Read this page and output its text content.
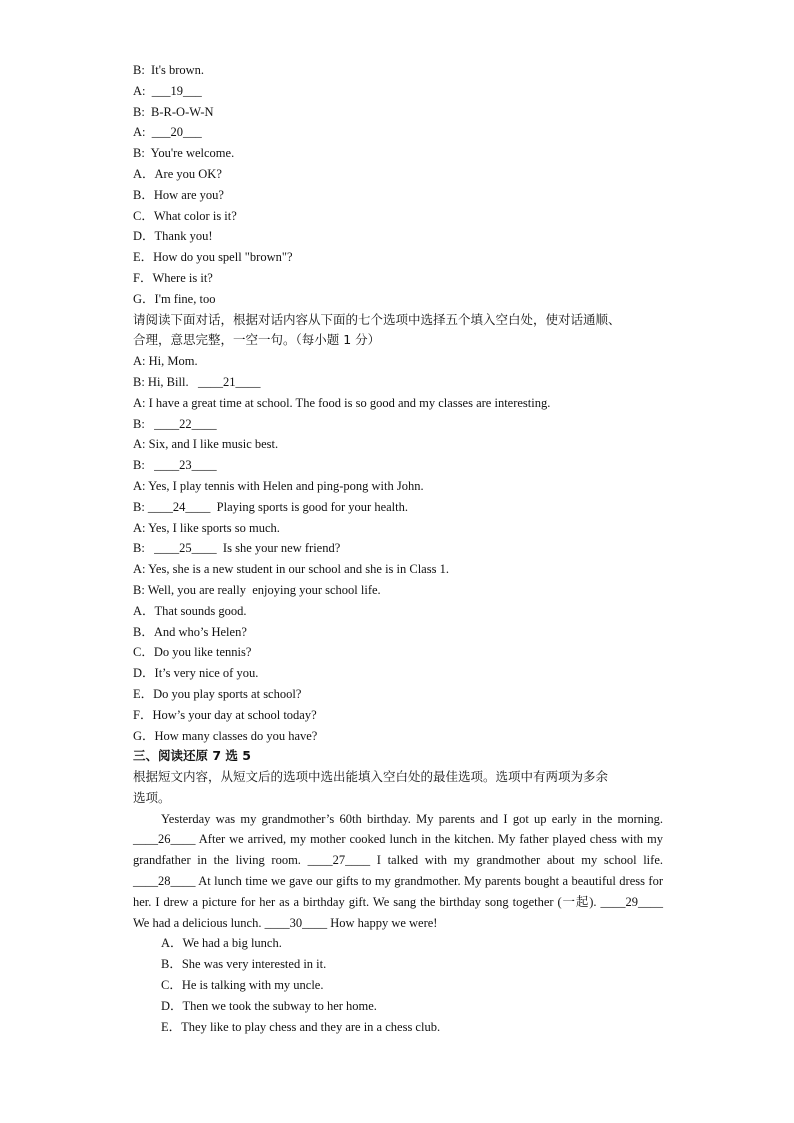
B:  It's brown.
A:  ___19___
B:  B-R-O-W-N
A:  ___20___
B:  You're welcome.
A．Are you OK?
B．How are you?
C．What color is it?
D．Thank you!
E．How do you spell "brown"?
F．Where is it?
G．I'm fine, too
请阅读下面对话，根据对话内容从下面的七个选项中选择五个填入空白处，使对话通顺、
合理，意思完整，一空一句。（每小题 1 分）
A: Hi, Mom.
B: Hi, Bill.   ____21____
A: I have a great time at school. The food is so good and my classes are interesting.
B:   ____22____
A: Six, and I like music best.
B:   ____23____
A: Yes, I play tennis with Helen and ping-pong with John.
B: ____24____  Playing sports is good for your health.
A: Yes, I like sports so much.
B:   ____25____  Is she your new friend?
A: Yes, she is a new student in our school and she is in Class 1.
B: Well, you are really  enjoying your school life.
A．That sounds good.
B．And who’s Helen?
C．Do you like tennis?
D．It’s very nice of you.
E．Do you play sports at school?
F．How’s your day at school today?
G．How many classes do you have?
三、阅读还原 7 选 5
根据短文内容，从短文后的选项中选出能填入空白处的最佳选项。选项中有两项为多余
选项。
Yesterday was my grandmother’s 60th birthday. My parents and I got up early in the morning. ____26____ After we arrived, my mother cooked lunch in the kitchen. My father played chess with my grandfather in the living room. ____27____ I talked with my grandmother about my school life. ____28____ At lunch time we gave our gifts to my grandmother. My parents bought a beautiful dress for her. I drew a picture for her as a birthday gift. We sang the birthday song together (一起). ____29____ We had a delicious lunch. ____30____ How happy we were!
A．We had a big lunch.
B．She was very interested in it.
C．He is talking with my uncle.
D．Then we took the subway to her home.
E．They like to play chess and they are in a chess club.
